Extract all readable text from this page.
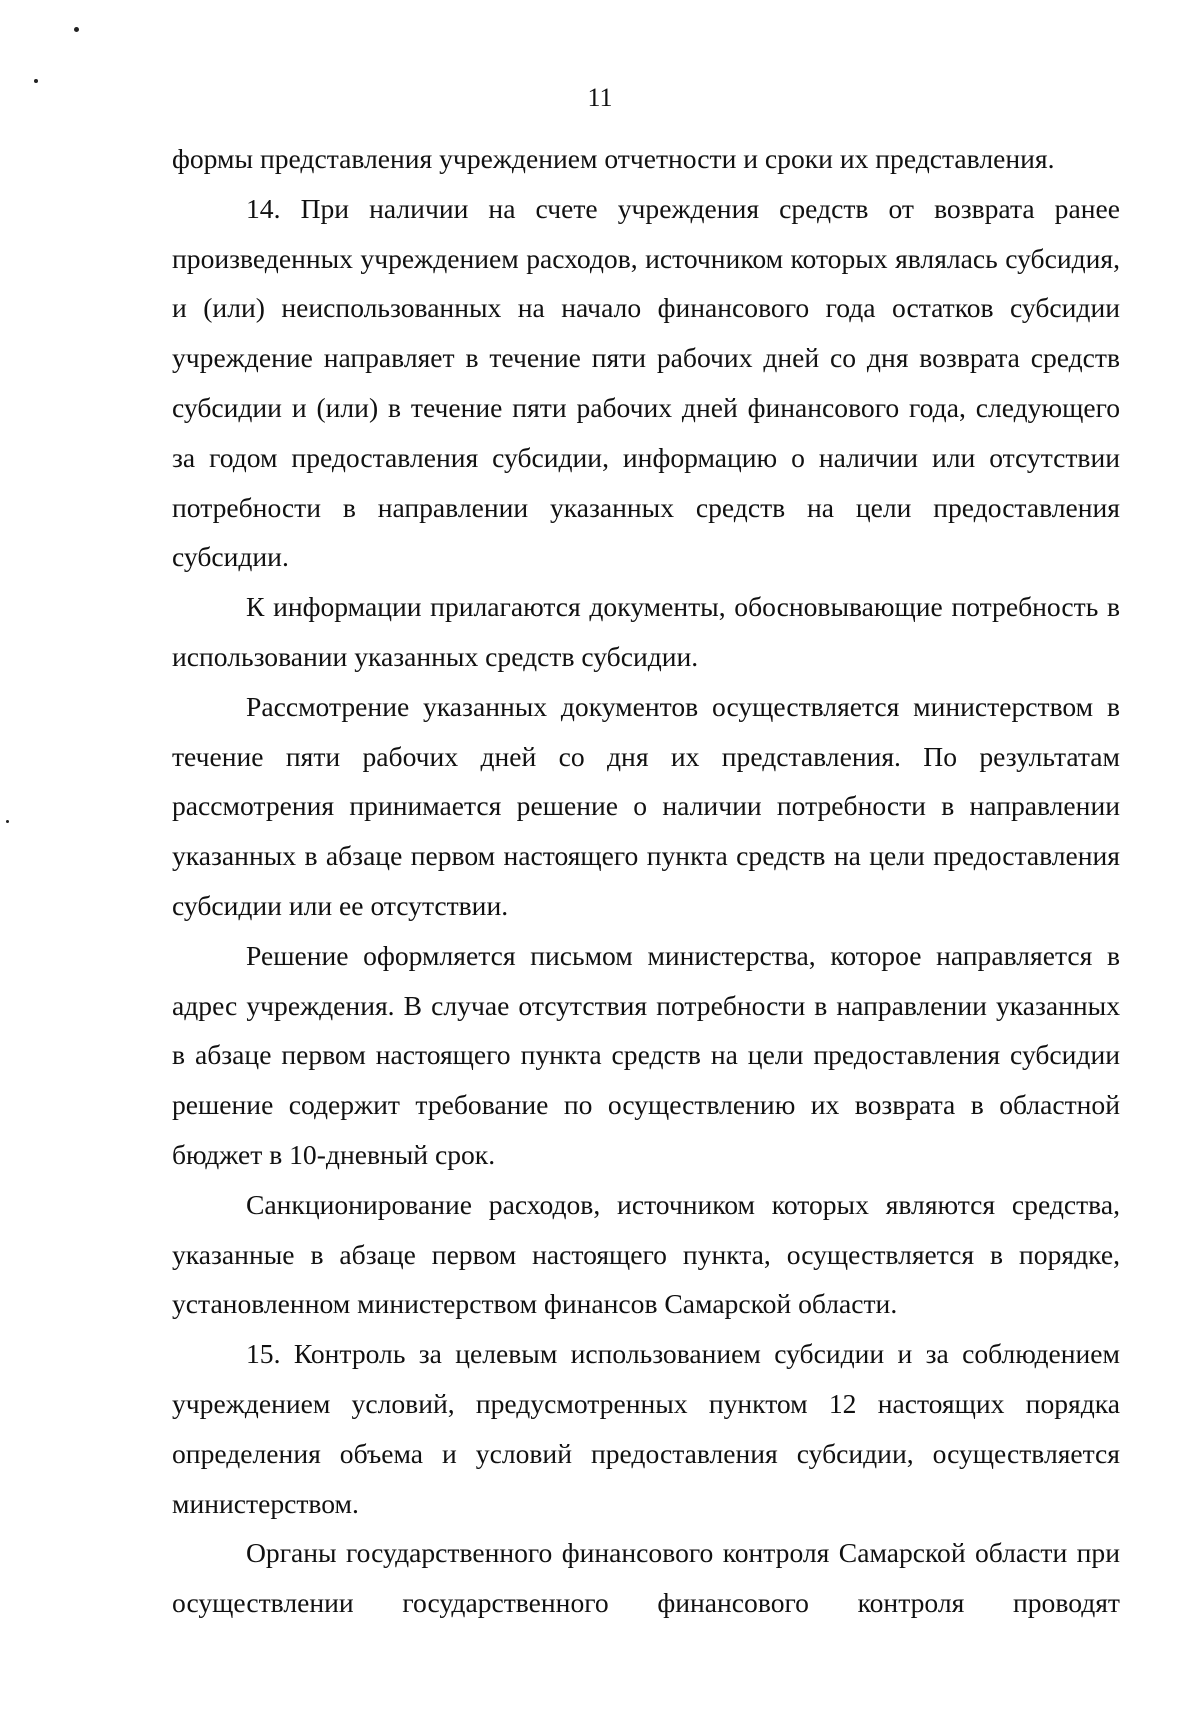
11

формы представления учреждением отчетности и сроки их представления.

14. При наличии на счете учреждения средств от возврата ранее произведенных учреждением расходов, источником которых являлась субсидия, и (или) неиспользованных на начало финансового года остатков субсидии учреждение направляет в течение пяти рабочих дней со дня возврата средств субсидии и (или) в течение пяти рабочих дней финансового года, следующего за годом предоставления субсидии, информацию о наличии или отсутствии потребности в направлении указанных средств на цели предоставления субсидии.

К информации прилагаются документы, обосновывающие потребность в использовании указанных средств субсидии.

Рассмотрение указанных документов осуществляется министерством в течение пяти рабочих дней со дня их представления. По результатам рассмотрения принимается решение о наличии потребности в направлении указанных в абзаце первом настоящего пункта средств на цели предоставления субсидии или ее отсутствии.

Решение оформляется письмом министерства, которое направляется в адрес учреждения. В случае отсутствия потребности в направлении указанных в абзаце первом настоящего пункта средств на цели предоставления субсидии решение содержит требование по осуществлению их возврата в областной бюджет в 10-дневный срок.

Санкционирование расходов, источником которых являются средства, указанные в абзаце первом настоящего пункта, осуществляется в порядке, установленном министерством финансов Самарской области.

15. Контроль за целевым использованием субсидии и за соблюдением учреждением условий, предусмотренных пунктом 12 настоящих порядка определения объема и условий предоставления субсидии, осуществляется министерством.

Органы государственного финансового контроля Самарской области при осуществлении государственного финансового контроля проводят
